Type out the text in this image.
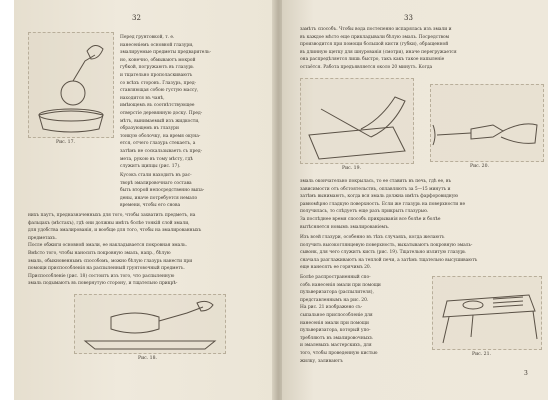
32
Рис. 17.
Перед грунтовкой, т. е.
нанесеніемъ основной глазури,
эмалируемые предметы предваритель-
но, конечно, обмываютъ мокрой
губкой, погружаютъ въ глазурь
и тщательно прополаскиваютъ
со всѣхъ сторонъ. Глазурь, пред-
ставляющая собою густую массу,
находится въ чанѣ,
имѣющемъ въ соотвѣтствующее
отверстіе деревянную доску. Пред-
мѣтъ, вынимаемый изъ жидкости,
образующемъ въ глазури
тонкую оболочку, на время окуна-
ется, отчего глазурь стекаетъ, а
затѣмъ не соскальзываетъ съ пред-
мета, рукою въ тому мѣсту, гдѣ
служитъ щипцы (рис. 17).
Кусокъ стали находитъ въ рас-
творѣ эмалировочнаго состава
быть второй непосредственно выпа-
дены, иначе потребуется немало
времени, чтобы его снова
нихъ паутъ, предназначенныхъ для того, чтобы захватить предметъ, на
фальцахъ (мѣстахъ), гдѣ они должны имѣть болѣе тонкій слой эмали,
для удобства эмалированія, и вообще для того, чтобы на эмалированныхъ
предметахъ.
После обжиги основной эмали, ее накладывается покровная эмаль.
Вмѣсто того, чтобы наносить покровную эмаль, напр., бѣлую
эмаль, обыкновеннымъ способомъ, можно бѣлую глазурь нанести при
помощи приспособленія на распыленный грунтовочный предметъ.
Приспособленіе (рис. 18) состоитъ изъ того, что распыленную
эмаль подымаютъ въ повернутую сторону, и тщательно прикрѣ-
Рис. 18.
33
замѣтъ способъ. Чтобы вода постепенно испарялась изъ эмали и
въ каждое мѣсто еще прикладывали бѣлую эмаль. Посредством
производится при помощи большой кисти (губки), обращенной
въ длинную щетку для шнурованія (смотри), иначе перегружается
она распредѣляется лишь быстро, такъ какъ такое напыленіе
остаётся. Работа предъявляется около 20 минутъ. Когда
Рис. 19.	Рис. 20.
эмаль окончательно покрылась, то ее ставить въ печь, гдѣ ее, въ
зависимости отъ обстоятельствъ, оплавляютъ за 5—15 минутъ и
затѣмъ вынимаютъ, когда вся эмаль должна имѣть фарфоровидную
равномѣрно гладкую поверхность. Если же глазурь на поверхности не
получилась, то слѣдуетъ еще разъ прикрыть глазурью.
За послѣднее время способъ прикрыванія все болѣе и болѣе
вытѣсняется новымъ эмалированіемъ.
Изъ всей глазури, особенно въ тѣхъ случаяхъ, когда желаютъ
получить высокоглянцевую поверхность, выкатываютъ покровную эмаль-
сывонк, для чего служитъ кисть (рис. 19). Тщательно излитую глазурь
сначала разглаживаютъ на теплой печи, а затѣмъ тщательно высушиваютъ
еще нанесятъ ее горячимъ 20.
Болѣе распространенный спо-
собъ нанесенія эмали при помощи
пульверизатора (распылителя),
представленнымъ на рис. 20.
На рис. 21 изображено съ-
сыпальное приспособленіе для
нанесенія эмали при помощи
пульверизатора, который упо-
требляютъ въ эмалировочныхъ
и эмалевыхъ мастерскихъ, для
того, чтобы проведенную кистью
жилку, заливаютъ
Рис. 21.
3
